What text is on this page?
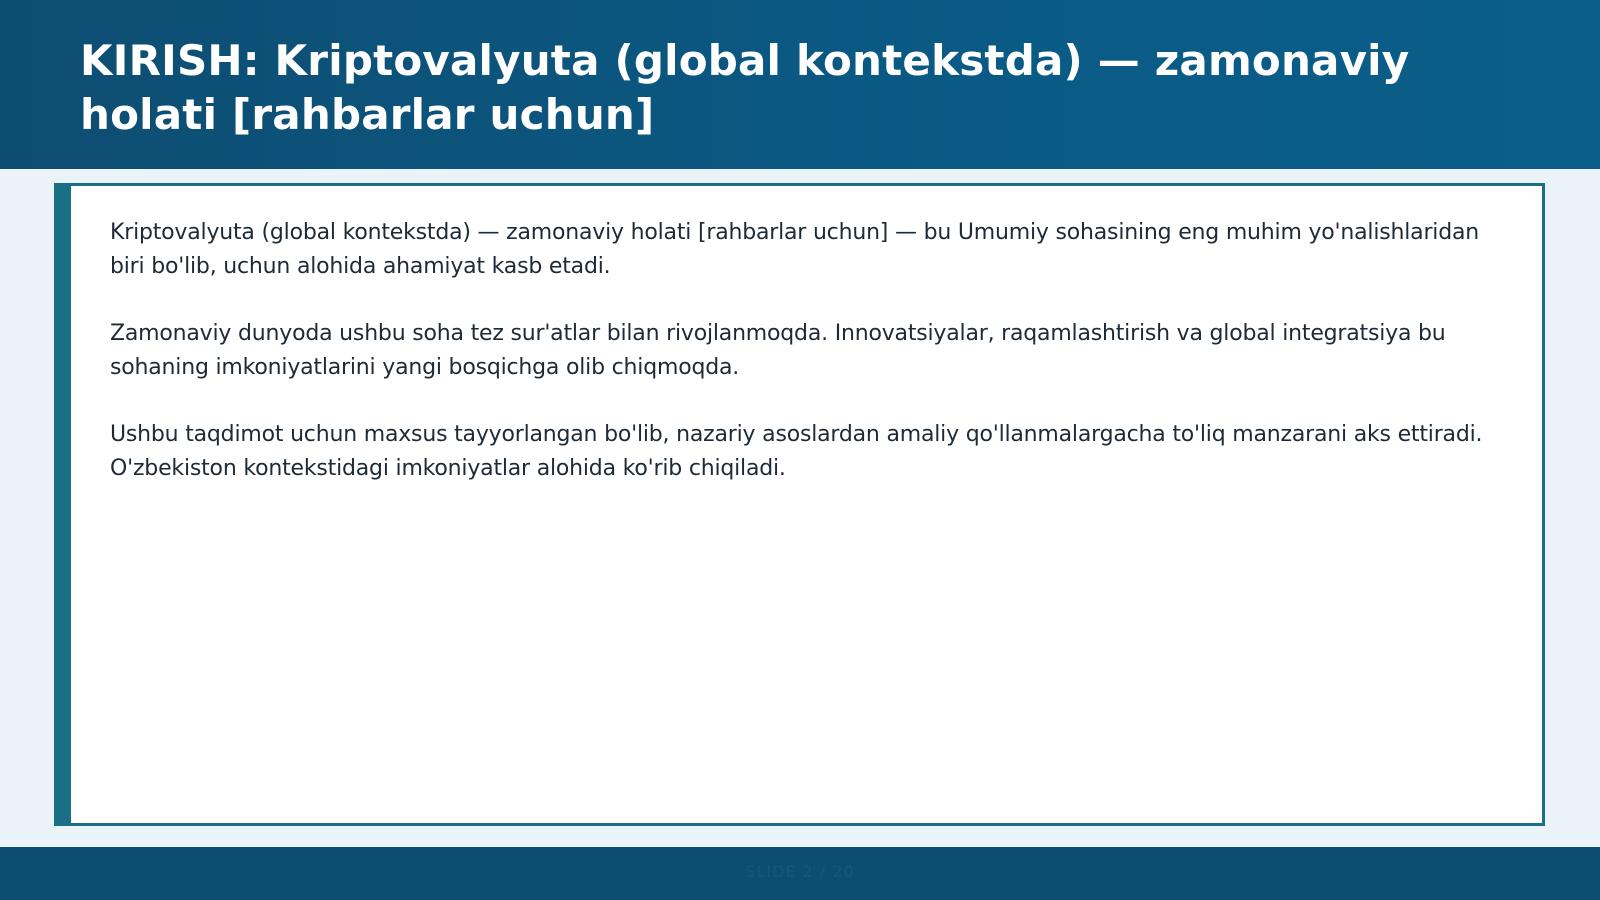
KIRISH: Kriptovalyuta (global kontekstda) — zamonaviy holati [rahbarlar uchun]

Kriptovalyuta (global kontekstda) — zamonaviy holati [rahbarlar uchun] — bu Umumiy sohasining eng muhim yo'nalishlaridan biri bo'lib, uchun alohida ahamiyat kasb etadi.

Zamonaviy dunyoda ushbu soha tez sur'atlar bilan rivojlanmoqda. Innovatsiyalar, raqamlashtirish va global integratsiya bu sohaning imkoniyatlarini yangi bosqichga olib chiqmoqda.

Ushbu taqdimot uchun maxsus tayyorlangan bo'lib, nazariy asoslardan amaliy qo'llanmalargacha to'liq manzarani aks ettiradi. O'zbekiston kontekstidagi imkoniyatlar alohida ko'rib chiqiladi.

SLIDE 2 / 20
